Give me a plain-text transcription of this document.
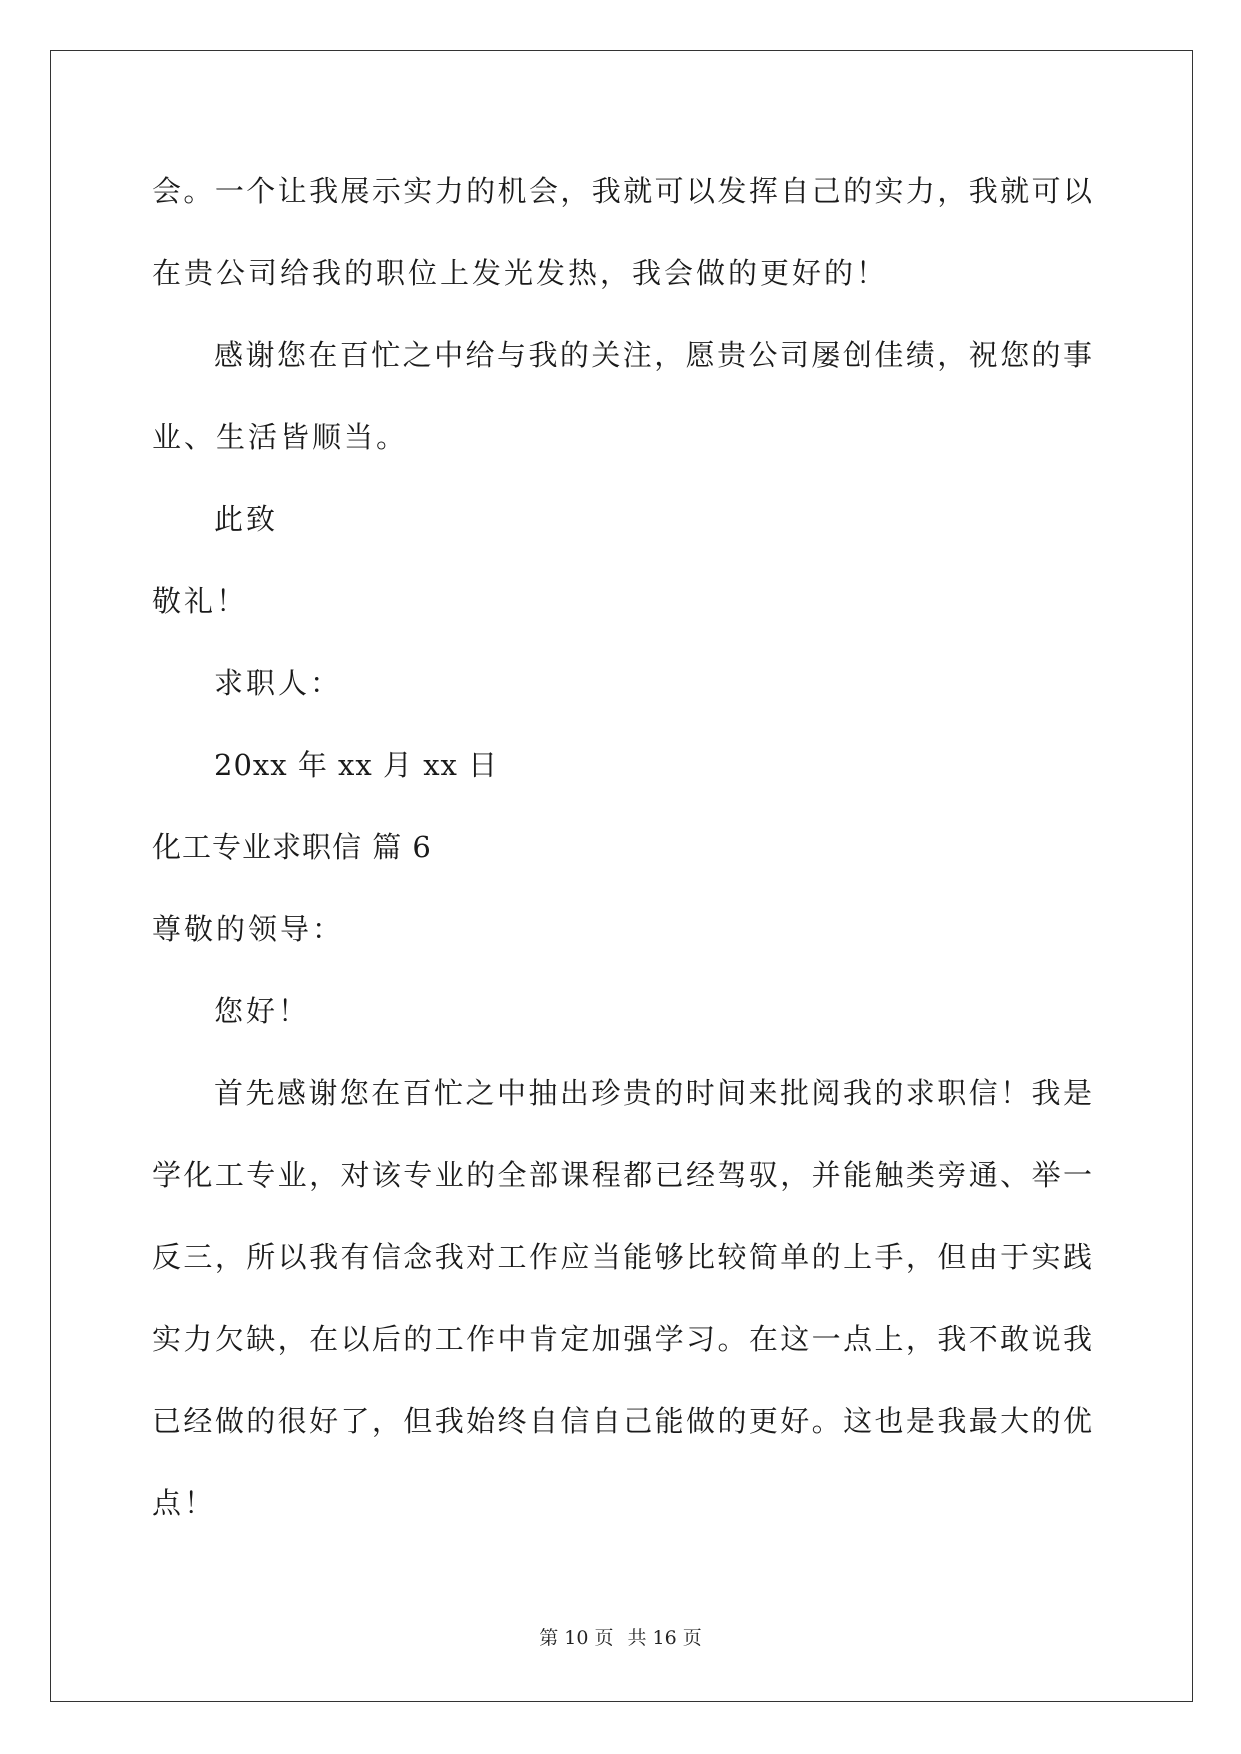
会。一个让我展示实力的机会，我就可以发挥自己的实力，我就可以
在贵公司给我的职位上发光发热，我会做的更好的！
感谢您在百忙之中给与我的关注，愿贵公司屡创佳绩，祝您的事
业、生活皆顺当。
此致
敬礼！
求职人：
20xx 年 xx 月 xx 日
化工专业求职信 篇 6
尊敬的领导：
您好！
首先感谢您在百忙之中抽出珍贵的时间来批阅我的求职信！我是
学化工专业，对该专业的全部课程都已经驾驭，并能触类旁通、举一
反三，所以我有信念我对工作应当能够比较简单的上手，但由于实践
实力欠缺，在以后的工作中肯定加强学习。在这一点上，我不敢说我
已经做的很好了，但我始终自信自己能做的更好。这也是我最大的优
点！
第 10 页 共 16 页
